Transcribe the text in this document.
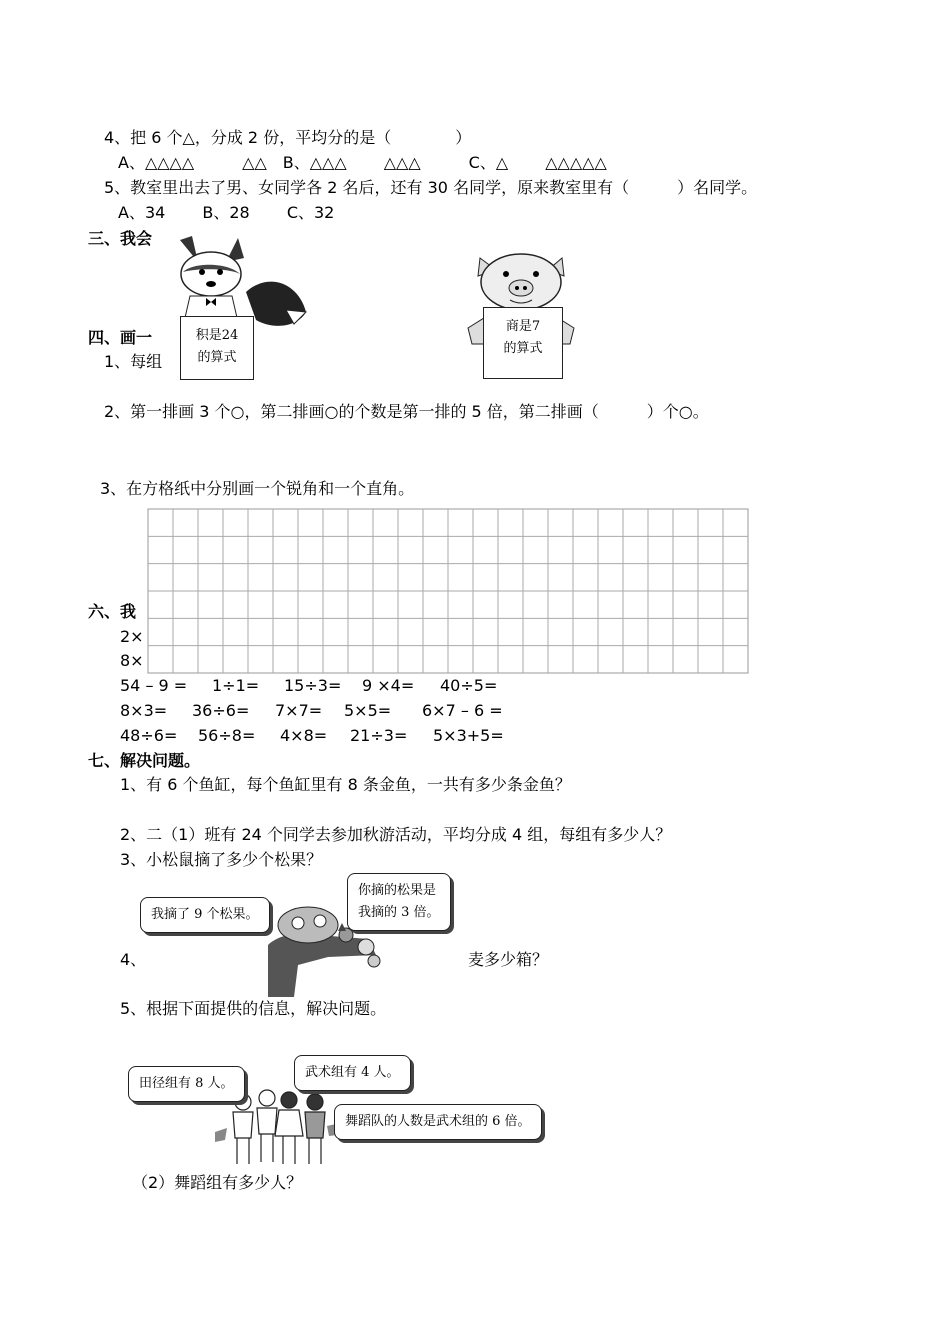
4、把 6 个△，分成 2 份，平均分的是（　　　　）
A、△△△△　　　△△　B、△△△　　 △△△　　　C、△　　 △△△△△
5、教室里出去了男、女同学各 2 名后，还有 30 名同学，原来教室里有（　　　）名同学。
A、34　　 B、28　　 C、32
三、我会
积是24
的算式
商是7
的算式
四、画一
1、每组
2、第一排画 3 个○，第二排画○的个数是第一排的 5 倍，第二排画（　　　）个○。
3、在方格纸中分别画一个锐角和一个直角。
六、我
2×
8×
54 – 9 = 1÷1= 15÷3= 9 ×4= 40÷5=
8×3= 36÷6= 7×7= 5×5= 6×7 – 6 =
48÷6= 56÷8= 4×8= 21÷3= 5×3+5=
七、解决问题。
1、有 6 个鱼缸，每个鱼缸里有 8 条金鱼，一共有多少条金鱼？
2、二（1）班有 24 个同学去参加秋游活动，平均分成 4 组，每组有多少人？
3、小松鼠摘了多少个松果？
我摘了 9 个松果。
你摘的松果是
我摘的 3 倍。
4、	麦多少箱？
5、根据下面提供的信息，解决问题。
田径组有 8 人。
武术组有 4 人。
舞蹈队的人数是武术组的 6 倍。
（2）舞蹈组有多少人？
